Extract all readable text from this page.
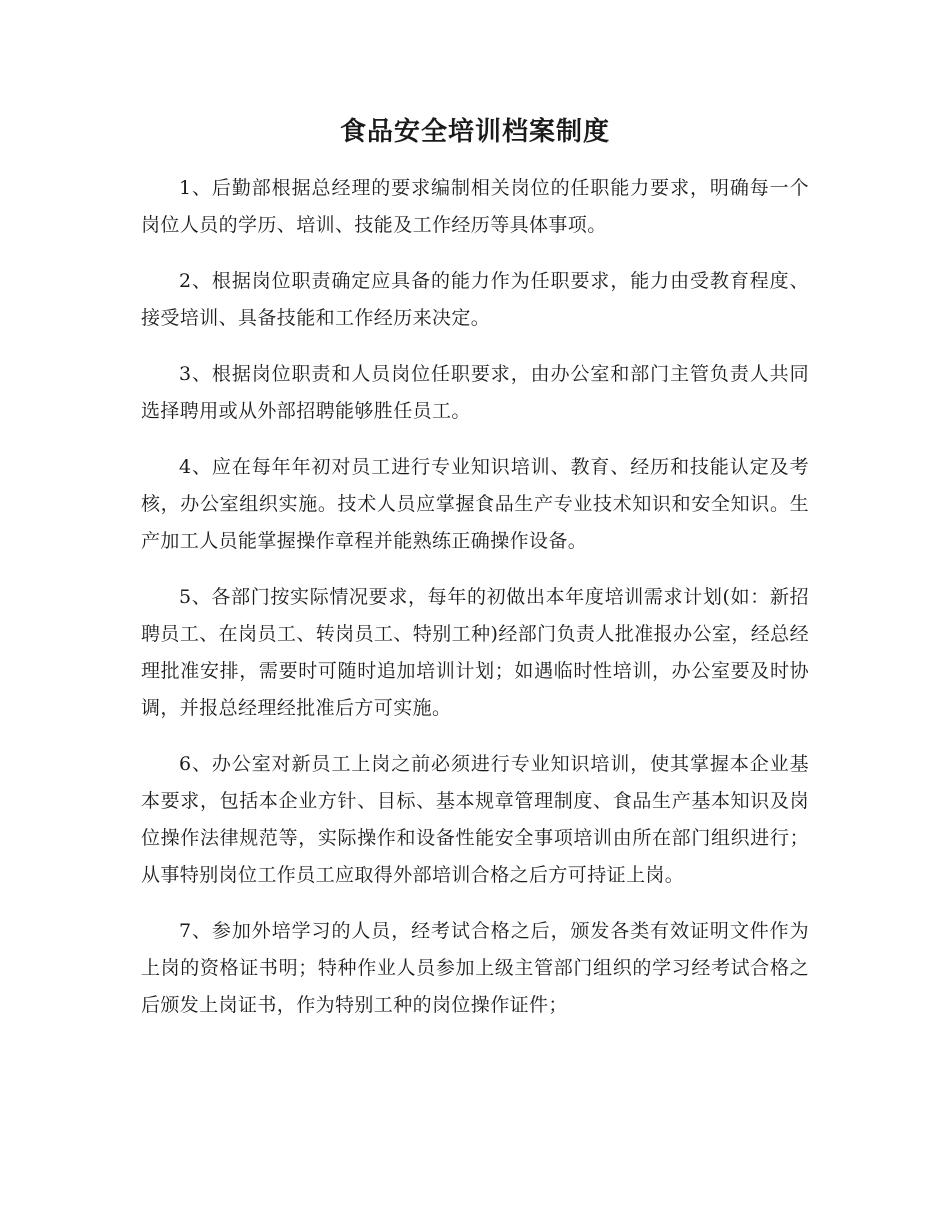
食品安全培训档案制度

1、后勤部根据总经理的要求编制相关岗位的任职能力要求，明确每一个岗位人员的学历、培训、技能及工作经历等具体事项。

2、根据岗位职责确定应具备的能力作为任职要求，能力由受教育程度、接受培训、具备技能和工作经历来决定。

3、根据岗位职责和人员岗位任职要求，由办公室和部门主管负责人共同选择聘用或从外部招聘能够胜任员工。

4、应在每年年初对员工进行专业知识培训、教育、经历和技能认定及考核，办公室组织实施。技术人员应掌握食品生产专业技术知识和安全知识。生产加工人员能掌握操作章程并能熟练正确操作设备。

5、各部门按实际情况要求，每年的初做出本年度培训需求计划(如：新招聘员工、在岗员工、转岗员工、特别工种)经部门负责人批准报办公室，经总经理批准安排，需要时可随时追加培训计划；如遇临时性培训，办公室要及时协调，并报总经理经批准后方可实施。

6、办公室对新员工上岗之前必须进行专业知识培训，使其掌握本企业基本要求，包括本企业方针、目标、基本规章管理制度、食品生产基本知识及岗位操作法律规范等，实际操作和设备性能安全事项培训由所在部门组织进行；从事特别岗位工作员工应取得外部培训合格之后方可持证上岗。

7、参加外培学习的人员，经考试合格之后，颁发各类有效证明文件作为上岗的资格证书明；特种作业人员参加上级主管部门组织的学习经考试合格之后颁发上岗证书，作为特别工种的岗位操作证件；
